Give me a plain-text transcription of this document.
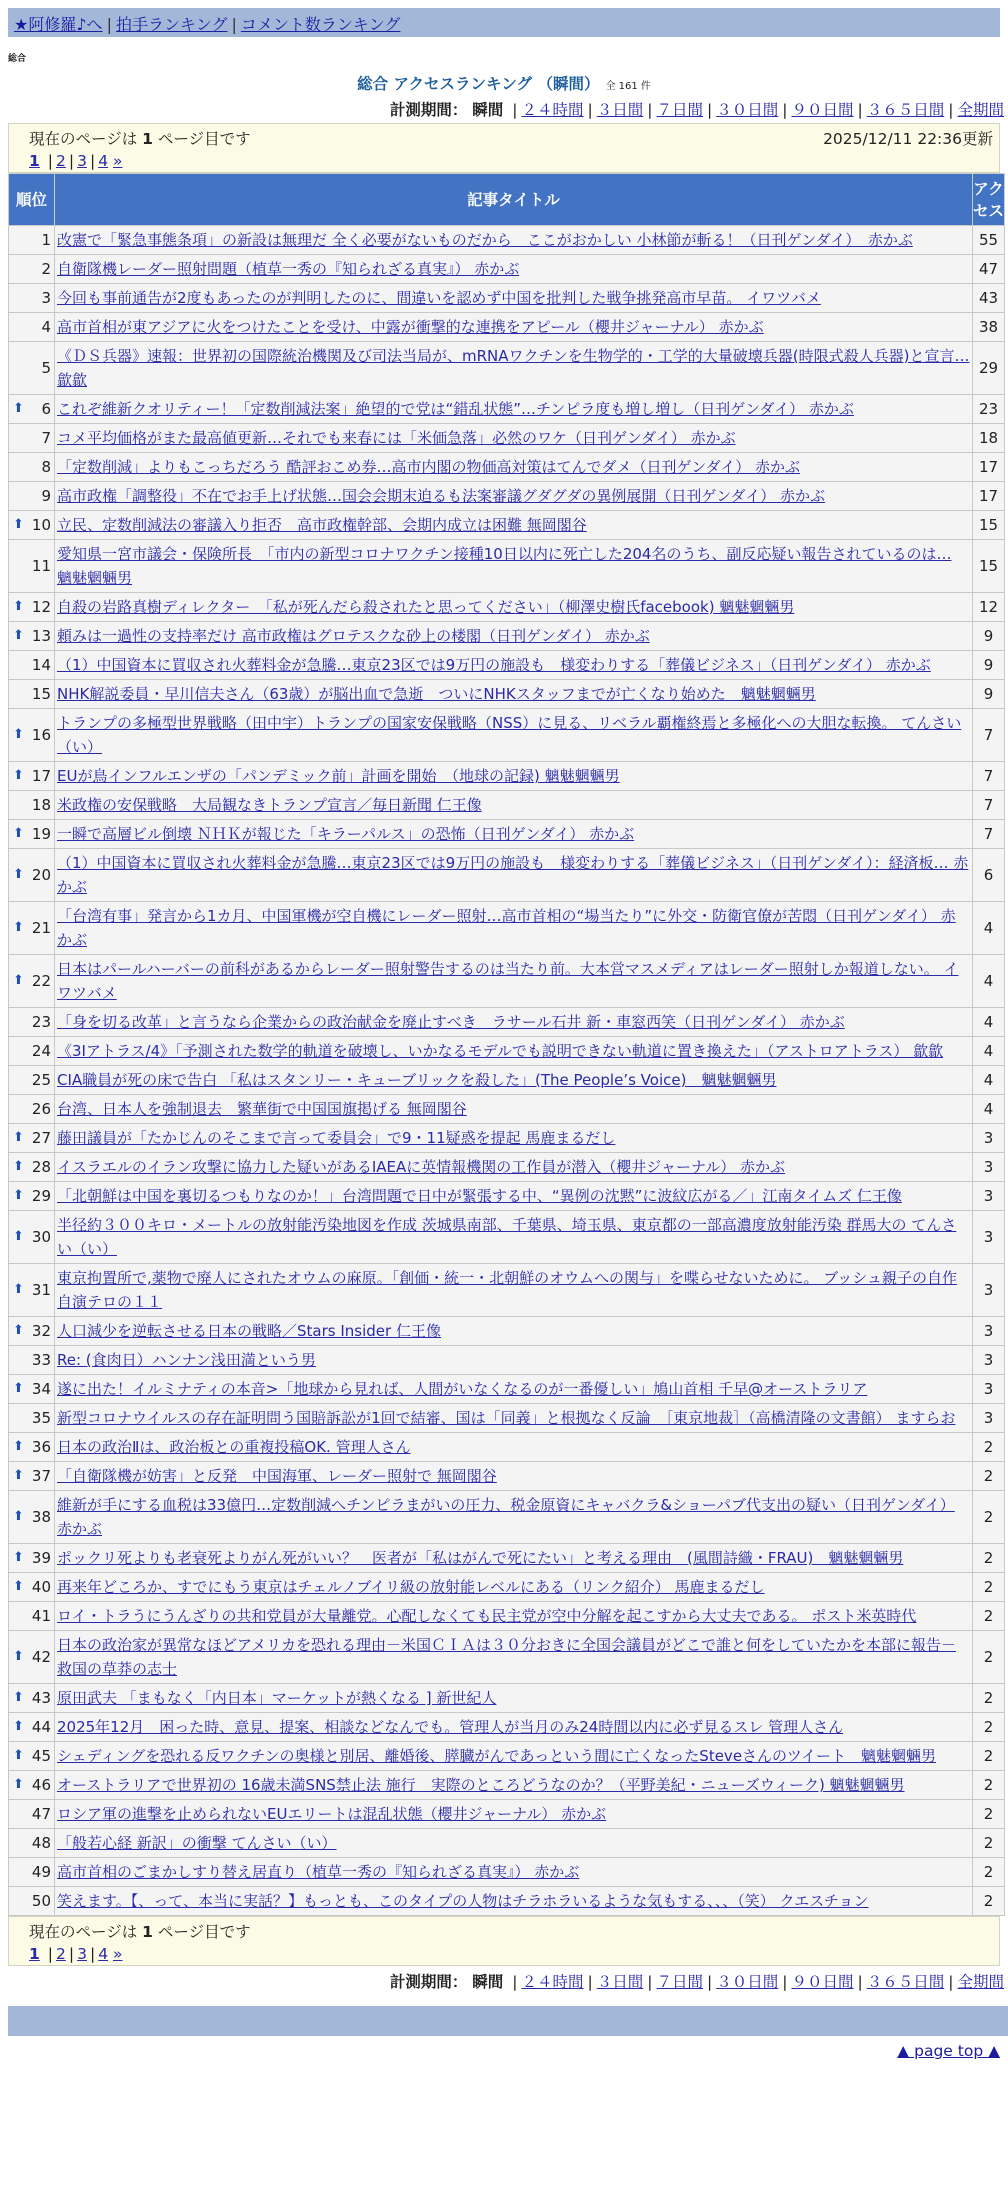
★阿修羅♪へ | 拍手ランキング | コメント数ランキング
総合
総合 アクセスランキング （瞬間） 全 161 件
計測期間： 瞬間 | ２４時間 | ３日間 | ７日間 | ３０日間 | ９０日間 | ３６５日間 | 全期間
現在のページは 1 ページ目です	2025/12/11 22:36更新
1 | 2 | 3 | 4 »
順位	記事タイトル	アクセス
1	改憲で「緊急事態条項」の新設は無理だ 全く必要がないものだから　ここがおかしい 小林節が斬る！（日刊ゲンダイ）　赤かぶ	55
2	自衛隊機レーダー照射問題（植草一秀の『知られざる真実』） 赤かぶ	47
3	今回も事前通告が2度もあったのが判明したのに、間違いを認めず中国を批判した戦争挑発高市早苗。 イワツバメ	43
4	高市首相が東アジアに火をつけたことを受け、中露が衝撃的な連携をアピール（櫻井ジャーナル） 赤かぶ	38
5	《ＤＳ兵器》速報：世界初の国際統治機関及び司法当局が、mRNAワクチンを生物学的・工学的大量破壊兵器(時限式殺人兵器)と宣言… 歙歙	29

⬆ 6	これぞ維新クオリティー！「定数削減法案」絶望的で党は“錯乱状態”…チンピラ度も増し増し（日刊ゲンダイ） 赤かぶ	23
7	コメ平均価格がまた最高値更新…それでも来春には「米価急落」必然のワケ（日刊ゲンダイ） 赤かぶ	18
8	「定数削減」よりもこっちだろう 酷評おこめ券…高市内閣の物価高対策はてんでダメ（日刊ゲンダイ） 赤かぶ	17
9	高市政権「調整役」不在でお手上げ状態…国会会期末迫るも法案審議グダグダの異例展開（日刊ゲンダイ） 赤かぶ	17

⬆ 10	立民、定数削減法の審議入り拒否　高市政権幹部、会期内成立は困難 無岡閣谷	15
11	愛知県一宮市議会・保険所長　「市内の新型コロナワクチン接種10日以内に死亡した204名のうち、副反応疑い報告されているのは… 魑魅魍魎男	15

⬆ 12	自殺の岩路真樹ディレクター　「私が死んだら殺されたと思ってください」（柳澤史樹氏facebook) 魑魅魍魎男	12

⬆ 13	頼みは一過性の支持率だけ 高市政権はグロテスクな砂上の楼閣（日刊ゲンダイ） 赤かぶ	9
14	（1）中国資本に買収され火葬料金が急騰…東京23区では9万円の施設も　様変わりする「葬儀ビジネス」（日刊ゲンダイ） 赤かぶ	9
15	NHK解説委員・早川信夫さん（63歳）が脳出血で急逝　ついにNHKスタッフまでが亡くなり始めた　魑魅魍魎男	9

⬆ 16	トランプの多極型世界戦略（田中宇）トランプの国家安保戦略（NSS）に見る、リベラル覇権終焉と多極化への大胆な転換。 てんさい（い）	7

⬆ 17	EUが鳥インフルエンザの「パンデミック前」計画を開始　（地球の記録) 魑魅魍魎男	7
18	米政権の安保戦略　大局観なきトランプ宣言／毎日新聞 仁王像	7

⬆ 19	一瞬で高層ビル倒壊 ＮＨＫが報じた「キラーパルス」の恐怖（日刊ゲンダイ） 赤かぶ	7

⬆ 20	（1）中国資本に買収され火葬料金が急騰…東京23区では9万円の施設も　様変わりする「葬儀ビジネス」（日刊ゲンダイ）：経済板… 赤かぶ	6

⬆ 21	「台湾有事」発言から1カ月、中国軍機が空自機にレーダー照射…高市首相の“場当たり”に外交・防衛官僚が苦悶（日刊ゲンダイ） 赤かぶ	4

⬆ 22	日本はパールハーバーの前科があるからレーダー照射警告するのは当たり前。大本営マスメディアはレーダー照射しか報道しない。 イワツバメ	4
23	「身を切る改革」と言うなら企業からの政治献金を廃止すべき　ラサール石井 新・車窓西笑（日刊ゲンダイ） 赤かぶ	4
24	《3Iアトラス/4》「予測された数学的軌道を破壊し、いかなるモデルでも説明できない軌道に置き換えた」（アストロアトラス） 歙歙	4
25	CIA職員が死の床で告白 「私はスタンリー・キューブリックを殺した」(The People’s Voice)　魑魅魍魎男	4
26	台湾、日本人を強制退去　繁華街で中国国旗掲げる 無岡閣谷	4

⬆ 27	藤田議員が「たかじんのそこまで言って委員会」で9・11疑惑を提起 馬鹿まるだし	3

⬆ 28	イスラエルのイラン攻撃に協力した疑いがあるIAEAに英情報機関の工作員が潜入（櫻井ジャーナル） 赤かぶ	3

⬆ 29	「北朝鮮は中国を裏切るつもりなのか！」台湾問題で日中が緊張する中、“異例の沈黙”に波紋広がる／」江南タイムズ 仁王像	3

⬆ 30	半径約３００キロ・メートルの放射能汚染地図を作成 茨城県南部、千葉県、埼玉県、東京都の一部高濃度放射能汚染 群馬大の てんさい（い）	3

⬆ 31	東京拘置所で,薬物で廃人にされたオウムの麻原。「創価・統一・北朝鮮のオウムへの関与」を喋らせないために。 ブッシュ親子の自作自演テロの１１	3

⬆ 32	人口減少を逆転させる日本の戦略／Stars Insider 仁王像	3
33	Re: (食肉日）ハンナン浅田満という男	3

⬆ 34	遂に出た！イルミナティの本音>「地球から見れば、人間がいなくなるのが一番優しい」鳩山首相 千早@オーストラリア	3
35	新型コロナウイルスの存在証明問う国賠訴訟が1回で結審、国は「同義」と根拠なく反論　［東京地裁］（高橋清隆の文書館） ますらお	3

⬆ 36	日本の政治Ⅱは、政治板との重複投稿OK. 管理人さん	2

⬆ 37	「自衛隊機が妨害」と反発　中国海軍、レーダー照射で 無岡閣谷	2

⬆ 38	維新が手にする血税は33億円…定数削減へチンピラまがいの圧力、税金原資にキャバクラ&ショーパブ代支出の疑い（日刊ゲンダイ） 赤かぶ	2

⬆ 39	ポックリ死よりも老衰死よりがん死がいい？　医者が「私はがんで死にたい」と考える理由　(風間詩織・FRAU)　魑魅魍魎男	2

⬆ 40	再来年どころか、すでにもう東京はチェルノブイリ級の放射能レベルにある（リンク紹介） 馬鹿まるだし	2
41	ロイ・トラうにうんざりの共和党員が大量離党。心配しなくても民主党が空中分解を起こすから大丈夫である。 ポスト米英時代	2

⬆ 42	日本の政治家が異常なほどアメリカを恐れる理由－米国ＣＩＡは３０分おきに全国会議員がどこで誰と何をしていたかを本部に報告－ 救国の草莽の志士	2

⬆ 43	原田武夫 「まもなく「内日本」マーケットが熱くなる ] 新世紀人	2

⬆ 44	2025年12月　困った時、意見、提案、相談などなんでも。管理人が当月のみ24時間以内に必ず見るスレ 管理人さん	2

⬆ 45	シェディングを恐れる反ワクチンの奥様と別居、離婚後、膵臓がんであっという間に亡くなったSteveさんのツイート　魑魅魍魎男	2

⬆ 46	オーストラリアで世界初の 16歳未満SNS禁止法 施行　実際のところどうなのか？（平野美紀・ニューズウィーク) 魑魅魍魎男	2
47	ロシア軍の進撃を止められないEUエリートは混乱状態（櫻井ジャーナル） 赤かぶ	2
48	「般若心経 新訳」の衝撃 てんさい（い）	2
49	高市首相のごまかしすり替え居直り（植草一秀の『知られざる真実』） 赤かぶ	2
50	笑えます。【、って、本当に実話？】もっとも、このタイプの人物はチラホラいるような気もする、、、（笑） クエスチョン	2
現在のページは 1 ページ目です
1 | 2 | 3 | 4 »
計測期間： 瞬間 | ２４時間 | ３日間 | ７日間 | ３０日間 | ９０日間 | ３６５日間 | 全期間
▲ page top ▲
